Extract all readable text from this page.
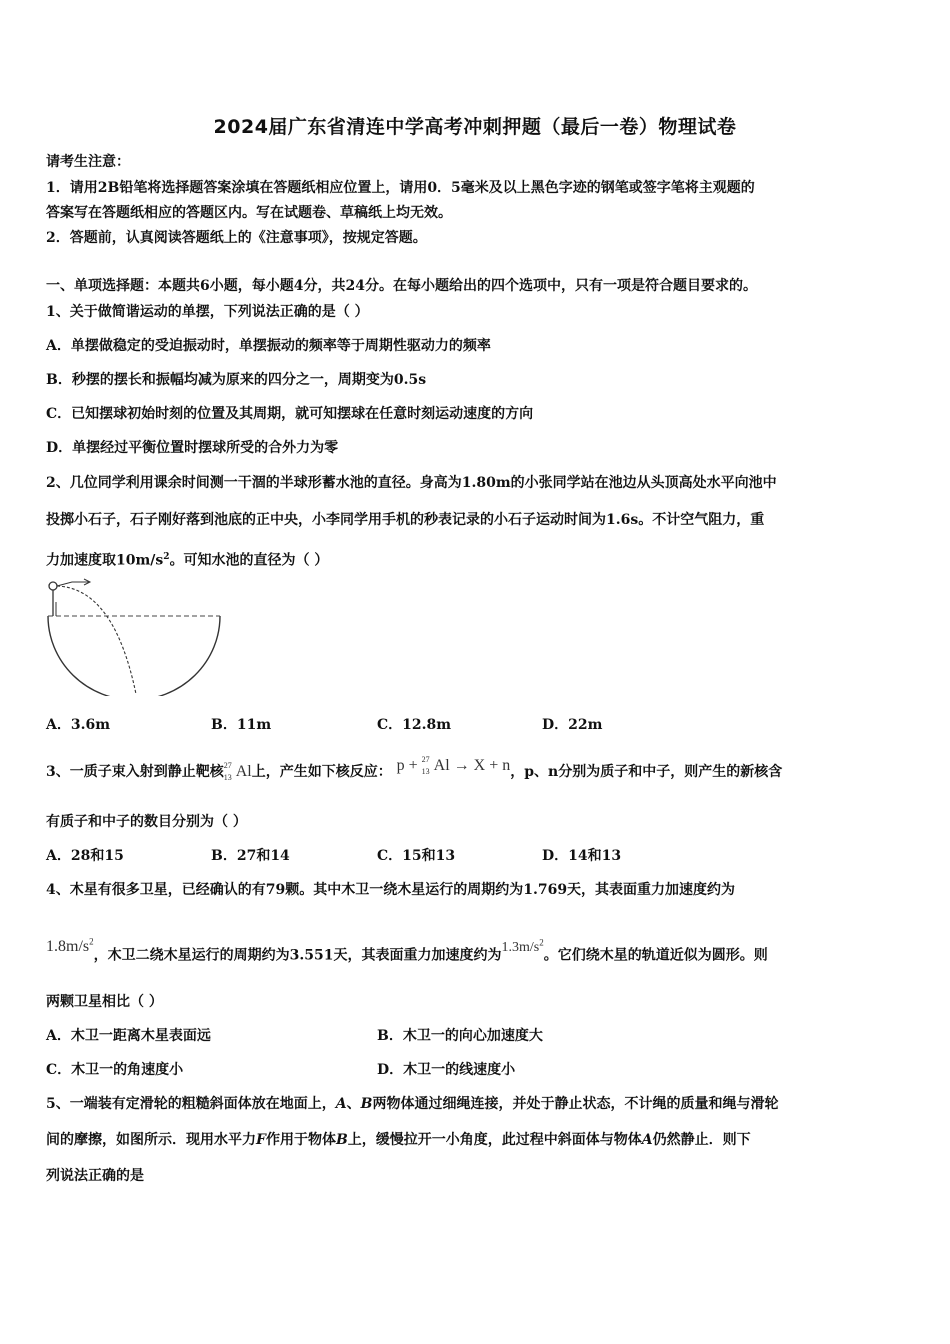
2024届广东省清连中学高考冲刺押题（最后一卷）物理试卷
请考生注意：
1．请用2B铅笔将选择题答案涂填在答题纸相应位置上，请用0．5毫米及以上黑色字迹的钢笔或签字笔将主观题的
答案写在答题纸相应的答题区内。写在试题卷、草稿纸上均无效。
2．答题前，认真阅读答题纸上的《注意事项》，按规定答题。
一、单项选择题：本题共6小题，每小题4分，共24分。在每小题给出的四个选项中，只有一项是符合题目要求的。
1、关于做简谐运动的单摆，下列说法正确的是（ ）
A．单摆做稳定的受迫振动时，单摆振动的频率等于周期性驱动力的频率
B．秒摆的摆长和振幅均减为原来的四分之一，周期变为0.5s
C．已知摆球初始时刻的位置及其周期，就可知摆球在任意时刻运动速度的方向
D．单摆经过平衡位置时摆球所受的合外力为零
2、几位同学利用课余时间测一干涸的半球形蓄水池的直径。身高为1.80m的小张同学站在池边从头顶高处水平向池中
投掷小石子，石子刚好落到池底的正中央，小李同学用手机的秒表记录的小石子运动时间为1.6s。不计空气阻力，重
力加速度取$10m/s^2$。可知水池的直径为（ ）
A．3.6m	B．11m	C．12.8m	D．22m
3、一质子束入射到静止靶核 27
13 Al上，产生如下核反应： p + 27
13 Al → X + n，p、n分别为质子和中子，则产生的新核含
有质子和中子的数目分别为（ ）
A．28和15	B．27和14	C．15和13	D．14和13
4、木星有很多卫星，已经确认的有79颗。其中木卫一绕木星运行的周期约为1.769天，其表面重力加速度约为
$1.8m/s^2$，木卫二绕木星运行的周期约为3.551天，其表面重力加速度约为$1.3m/s^2$。它们绕木星的轨道近似为圆形。则
两颗卫星相比（ ）
A．木卫一距离木星表面远	B．木卫一的向心加速度大
C．木卫一的角速度小	D．木卫一的线速度小
5、一端装有定滑轮的粗糙斜面体放在地面上，A、B两物体通过细绳连接，并处于静止状态，不计绳的质量和绳与滑轮
间的摩擦，如图所示．现用水平力F作用于物体B上，缓慢拉开一小角度，此过程中斜面体与物体A仍然静止．则下
列说法正确的是
